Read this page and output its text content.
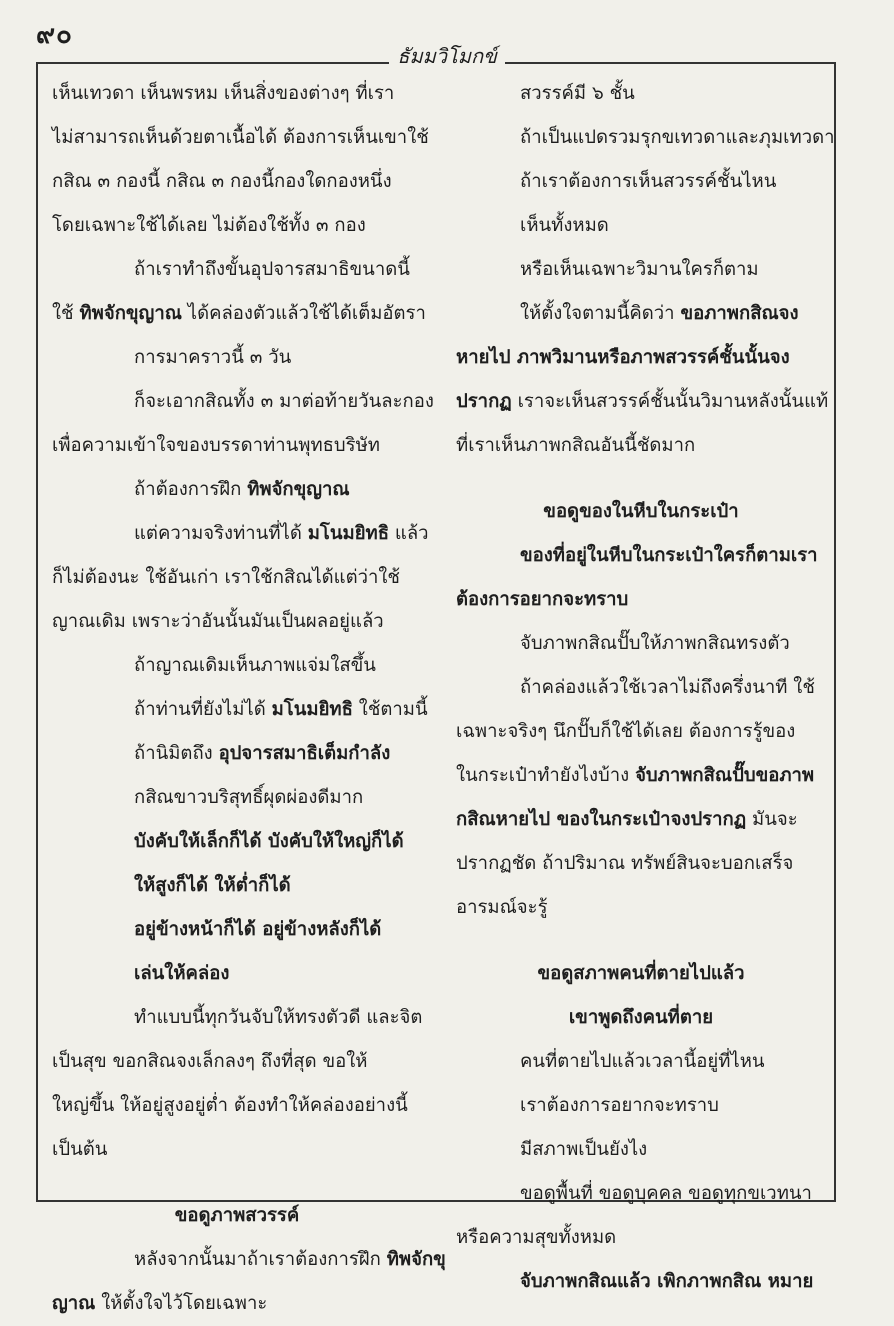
๙๐
ธัมมวิโมกข์
เห็นเทวดา เห็นพรหม เห็นสิ่งของต่างๆ ที่เรา
ไม่สามารถเห็นด้วยตาเนื้อได้ ต้องการเห็นเขาใช้
กสิณ ๓ กองนี้ กสิณ ๓ กองนี้กองใดกองหนึ่ง
โดยเฉพาะใช้ได้เลย ไม่ต้องใช้ทั้ง ๓ กอง
ถ้าเราทำถึงขั้นอุปจารสมาธิขนาดนี้
ใช้ ทิพจักขุญาณ ได้คล่องตัวแล้วใช้ได้เต็มอัตรา
การมาคราวนี้ ๓ วัน
ก็จะเอากสิณทั้ง ๓ มาต่อท้ายวันละกอง
เพื่อความเข้าใจของบรรดาท่านพุทธบริษัท
ถ้าต้องการฝึก ทิพจักขุญาณ
แต่ความจริงท่านที่ได้ มโนมยิทธิ แล้ว
ก็ไม่ต้องนะ ใช้อันเก่า เราใช้กสิณได้แต่ว่าใช้
ญาณเดิม เพราะว่าอันนั้นมันเป็นผลอยู่แล้ว
ถ้าญาณเดิมเห็นภาพแจ่มใสขึ้น
ถ้าท่านที่ยังไม่ได้ มโนมยิทธิ ใช้ตามนี้
ถ้านิมิตถึง อุปจารสมาธิเต็มกำลัง
กสิณขาวบริสุทธิ์ผุดผ่องดีมาก
บังคับให้เล็กก็ได้ บังคับให้ใหญ่ก็ได้
ให้สูงก็ได้ ให้ต่ำก็ได้
อยู่ข้างหน้าก็ได้ อยู่ข้างหลังก็ได้
เล่นให้คล่อง
ทำแบบนี้ทุกวันจับให้ทรงตัวดี และจิต
เป็นสุข ขอกสิณจงเล็กลงๆ ถึงที่สุด ขอให้
ใหญ่ขึ้น ให้อยู่สูงอยู่ต่ำ ต้องทำให้คล่องอย่างนี้
เป็นต้น
ขอดูภาพสวรรค์
หลังจากนั้นมาถ้าเราต้องการฝึก ทิพจักขุ
ญาณ ให้ตั้งใจไว้โดยเฉพาะ
สวรรค์มี ๖ ชั้น
ถ้าเป็นแปดรวมรุกขเทวดาและภุมเทวดา
ถ้าเราต้องการเห็นสวรรค์ชั้นไหน
เห็นทั้งหมด
หรือเห็นเฉพาะวิมานใครก็ตาม
ให้ตั้งใจตามนี้คิดว่า ขอภาพกสิณจง
หายไป ภาพวิมานหรือภาพสวรรค์ชั้นนั้นจง
ปรากฏ เราจะเห็นสวรรค์ชั้นนั้นวิมานหลังนั้นแท้
ที่เราเห็นภาพกสิณอันนี้ชัดมาก
ขอดูของในหีบในกระเป๋า
ของที่อยู่ในหีบในกระเป๋าใครก็ตามเรา
ต้องการอยากจะทราบ
จับภาพกสิณปั๊บให้ภาพกสิณทรงตัว
ถ้าคล่องแล้วใช้เวลาไม่ถึงครึ่งนาที ใช้
เฉพาะจริงๆ นึกปั๊บก็ใช้ได้เลย ต้องการรู้ของ
ในกระเป๋าทำยังไงบ้าง จับภาพกสิณปั๊บขอภาพ
กสิณหายไป ของในกระเป๋าจงปรากฏ มันจะ
ปรากฏชัด ถ้าปริมาณ ทรัพย์สินจะบอกเสร็จ
อารมณ์จะรู้
ขอดูสภาพคนที่ตายไปแล้ว
เขาพูดถึงคนที่ตาย
คนที่ตายไปแล้วเวลานี้อยู่ที่ไหน
เราต้องการอยากจะทราบ
มีสภาพเป็นยังไง
ขอดูพื้นที่ ขอดูบุคคล ขอดูทุกขเวทนา
หรือความสุขทั้งหมด
จับภาพกสิณแล้ว เพิกภาพกสิณ หมาย
